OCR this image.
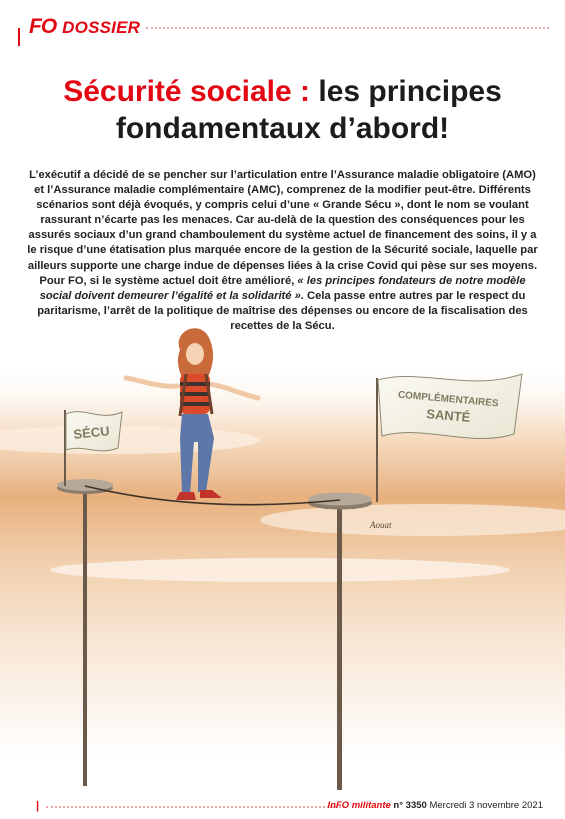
FO DOSSIER
Sécurité sociale : les principes
fondamentaux d’abord!

L’exécutif a décidé de se pencher sur l’articulation entre l’Assurance maladie obligatoire (AMO) et l’Assurance maladie complémentaire (AMC), comprenez de la modifier peut-être. Différents scénarios sont déjà évoqués, y compris celui d’une « Grande Sécu », dont le nom se voulant rassurant n’écarte pas les menaces. Car au-delà de la question des conséquences pour les assurés sociaux d’un grand chamboulement du système actuel de financement des soins, il y a le risque d’une étatisation plus marquée encore de la gestion de la Sécurité sociale, laquelle par ailleurs supporte une charge indue de dépenses liées à la crise Covid qui pèse sur ses moyens. Pour FO, si le système actuel doit être amélioré, « les principes fondateurs de notre modèle social doivent demeurer l’égalité et la solidarité ». Cela passe entre autres par le respect du paritarisme, l’arrêt de la politique de maîtrise des dépenses ou encore de la fiscalisation des recettes de la Sécu.

SÉCU
COMPLÉMENTAIRES
SANTÉ
Aouat
|	InFO militante n° 3350 Mercredi 3 novembre 2021
